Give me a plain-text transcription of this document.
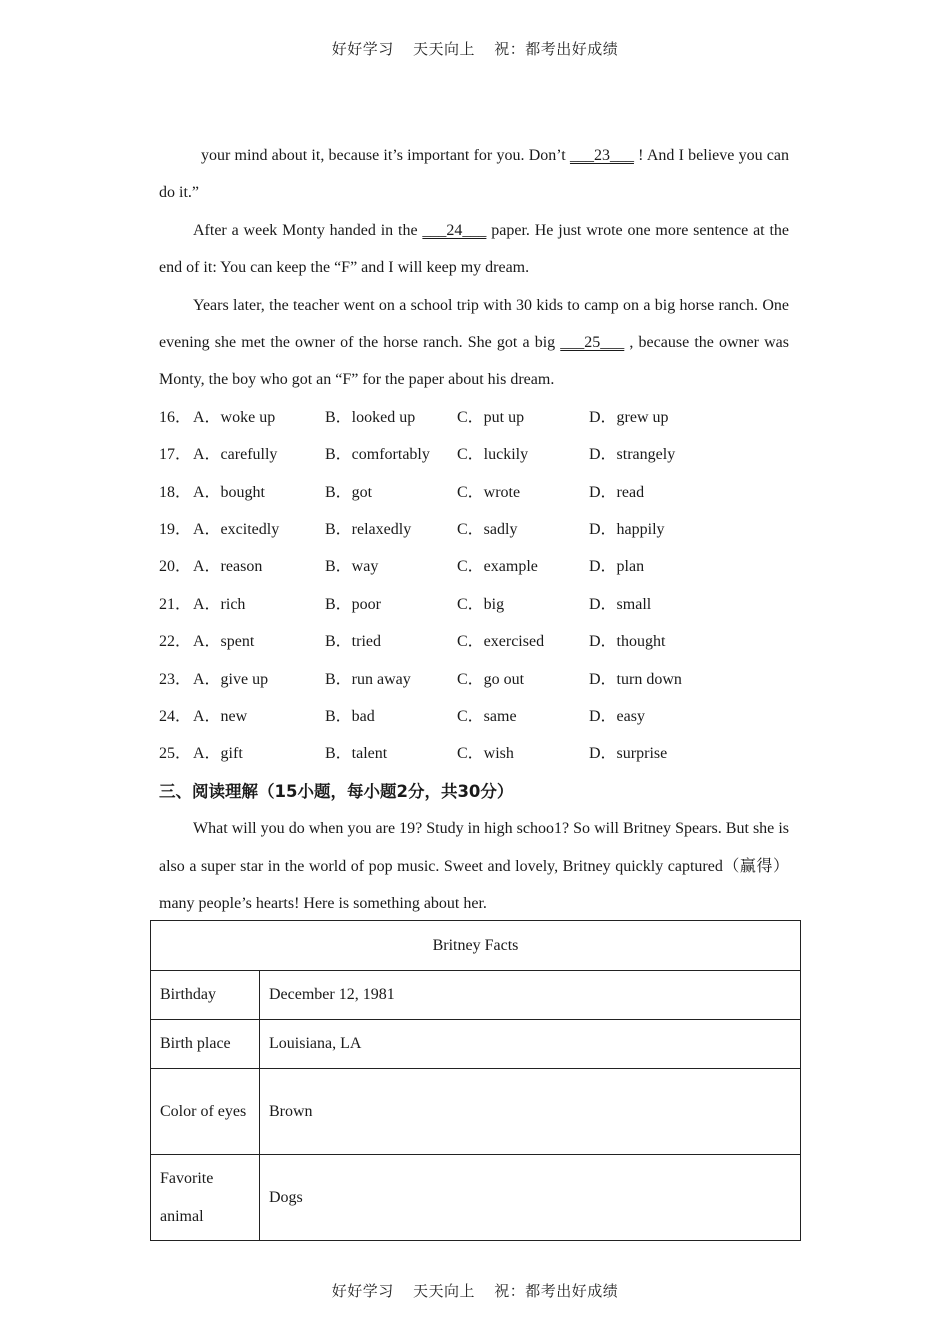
好好学习 天天向上 祝：都考出好成绩

your mind about it, because it’s important for you. Don’t ___23___ ! And I believe you can do it.”

After a week Monty handed in the ___24___ paper. He just wrote one more sentence at the end of it: You can keep the “F” and I will keep my dream.

Years later, the teacher went on a school trip with 30 kids to camp on a big horse ranch. One evening she met the owner of the horse ranch. She got a big ___25___ , because the owner was Monty, the boy who got an “F” for the paper about his dream.

16． A．woke up	B．looked up	C．put up	D．grew up
17． A．carefully	B．comfortably	C．luckily	D．strangely
18． A．bought	B．got	C．wrote	D．read
19． A．excitedly	B．relaxedly	C．sadly	D．happily
20． A．reason	B．way	C．example	D．plan
21． A．rich	B．poor	C．big	D．small
22． A．spent	B．tried	C．exercised	D．thought
23． A．give up	B．run away	C．go out	D．turn down
24． A．new	B．bad	C．same	D．easy
25． A．gift	B．talent	C．wish	D．surprise

三、阅读理解（15小题，每小题2分，共30分）

What will you do when you are 19? Study in high schoo1? So will Britney Spears. But she is also a super star in the world of pop music. Sweet and lovely, Britney quickly captured（赢得）many people’s hearts! Here is something about her.

Britney Facts	
Birthday	December 12, 1981
Birth place	Louisiana, LA
Color of eyes	Brown
Favorite animal	Dogs
好好学习 天天向上 祝：都考出好成绩
